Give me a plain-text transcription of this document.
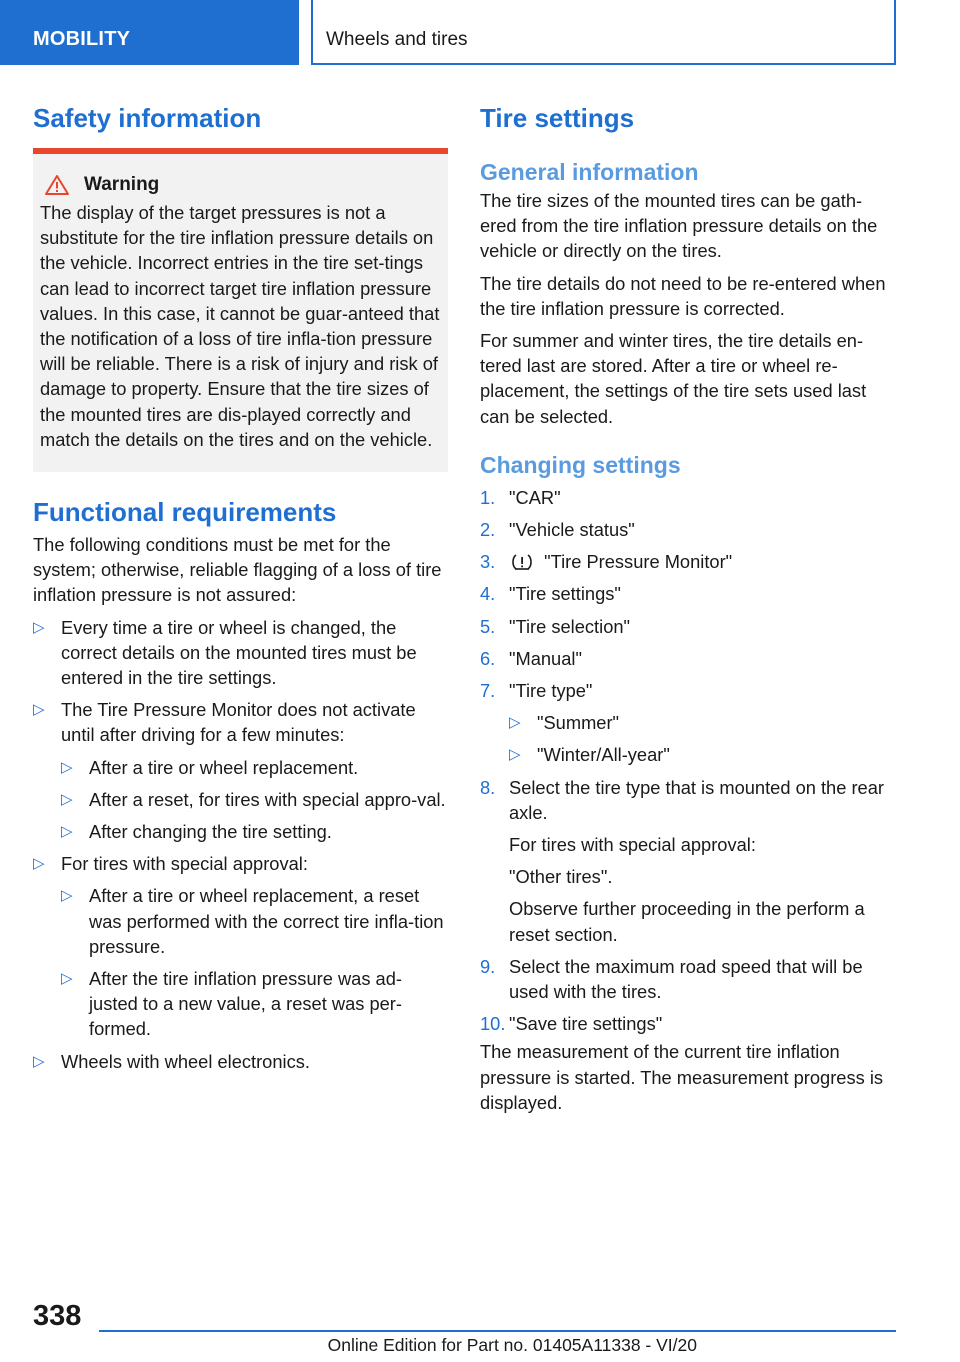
MOBILITY	Wheels and tires
Safety information
Warning

The display of the target pressures is not a substitute for the tire inflation pressure details on the vehicle. Incorrect entries in the tire set-tings can lead to incorrect target tire inflation pressure values. In this case, it cannot be guar-anteed that the notification of a loss of tire infla-tion pressure will be reliable. There is a risk of injury and risk of damage to property. Ensure that the tire sizes of the mounted tires are dis-played correctly and match the details on the tires and on the vehicle.

Functional requirements

The following conditions must be met for the system; otherwise, reliable flagging of a loss of tire inflation pressure is not assured:

▷ Every time a tire or wheel is changed, the correct details on the mounted tires must be entered in the tire settings.
▷ The Tire Pressure Monitor does not activate until after driving for a few minutes:
▷ After a tire or wheel replacement.
▷ After a reset, for tires with special appro-val.
▷ After changing the tire setting.
▷ For tires with special approval:
▷ After a tire or wheel replacement, a reset was performed with the correct tire infla-tion pressure.
▷ After the tire inflation pressure was ad-justed to a new value, a reset was per-formed.
▷ Wheels with wheel electronics.
Tire settings
General information

The tire sizes of the mounted tires can be gath-ered from the tire inflation pressure details on the vehicle or directly on the tires.

The tire details do not need to be re-entered when the tire inflation pressure is corrected.

For summer and winter tires, the tire details en-tered last are stored. After a tire or wheel re-placement, the settings of the tire sets used last can be selected.

Changing settings
1. "CAR"
2. "Vehicle status"
3.	"Tire Pressure Monitor"
4. "Tire settings"
5. "Tire selection"
6. "Manual"
7. "Tire type"
▷ "Summer"
▷ "Winter/All-year"
8. Select the tire type that is mounted on the rear axle.

For tires with special approval:

"Other tires".

Observe further proceeding in the perform a reset section.

9. Select the maximum road speed that will be used with the tires.
10. "Save tire settings"

The measurement of the current tire inflation pressure is started. The measurement progress is displayed.

338
Online Edition for Part no. 01405A11338 - VI/20
